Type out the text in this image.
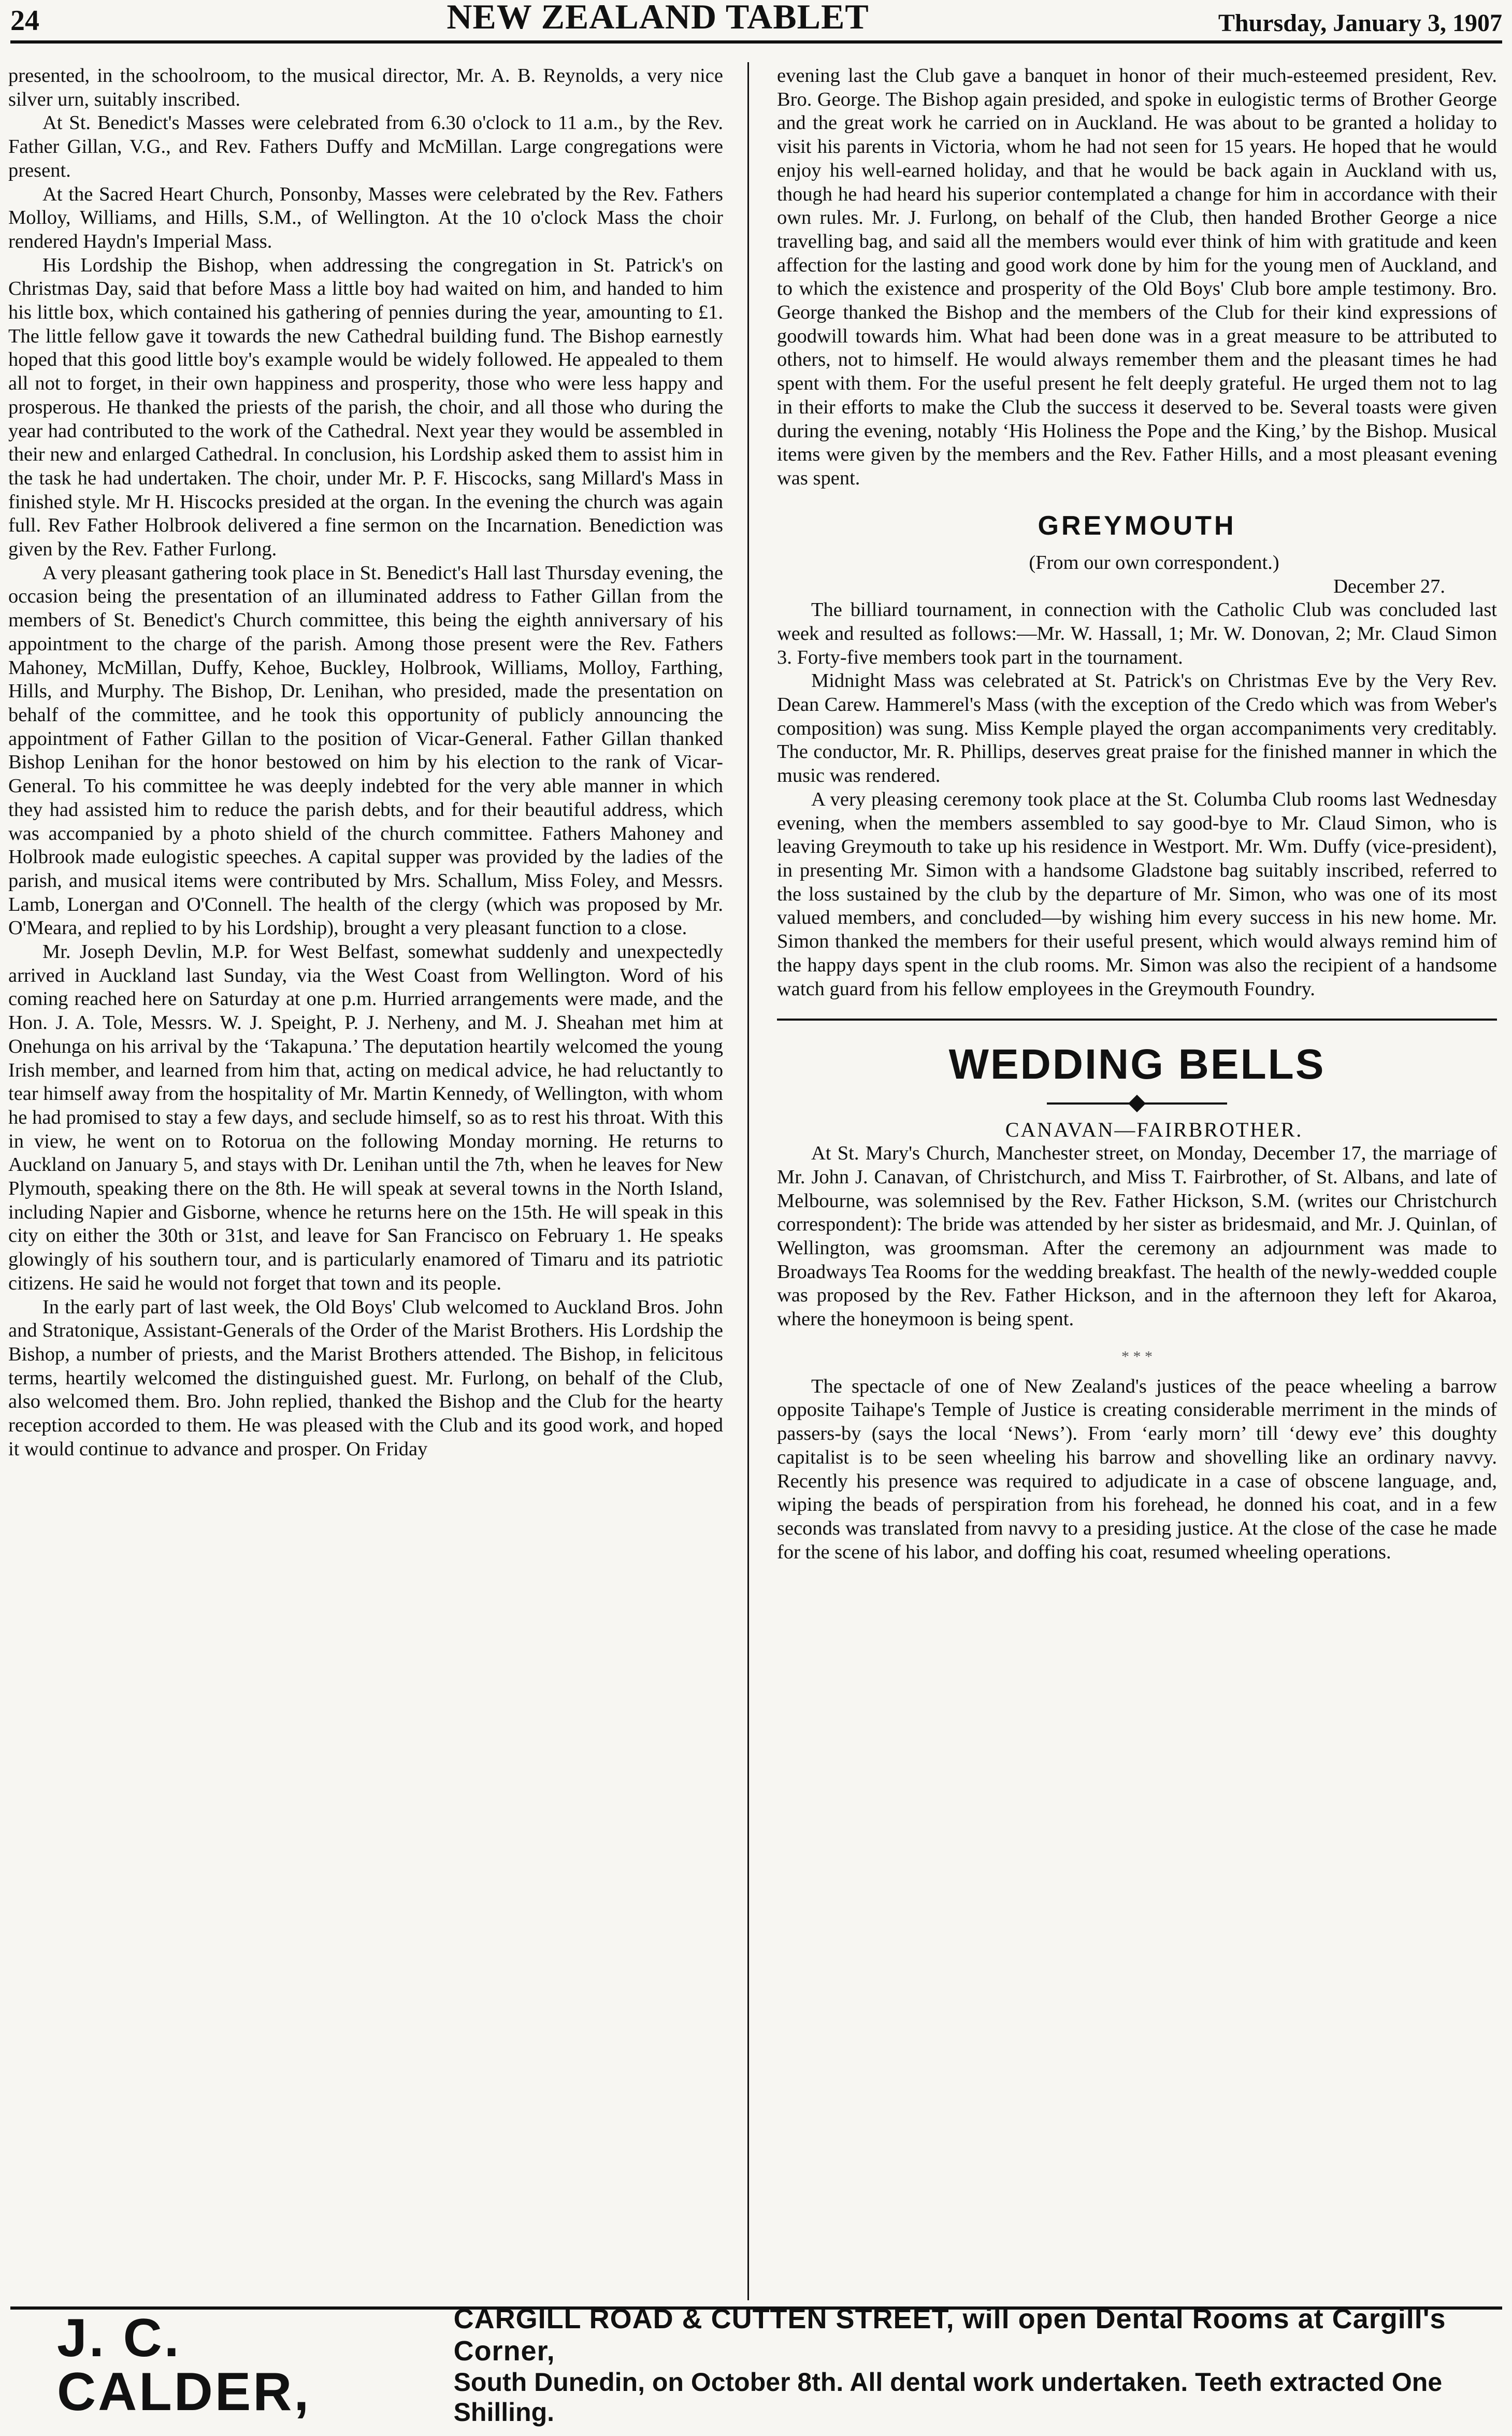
24	NEW ZEALAND TABLET	Thursday, January 3, 1907

presented, in the schoolroom, to the musical director, Mr. A. B. Reynolds, a very nice silver urn, suitably inscribed.

At St. Benedict's Masses were celebrated from 6.30 o'clock to 11 a.m., by the Rev. Father Gillan, V.G., and Rev. Fathers Duffy and McMillan. Large congregations were present.

At the Sacred Heart Church, Ponsonby, Masses were celebrated by the Rev. Fathers Molloy, Williams, and Hills, S.M., of Wellington. At the 10 o'clock Mass the choir rendered Haydn's Imperial Mass.

His Lordship the Bishop, when addressing the congregation in St. Patrick's on Christmas Day, said that before Mass a little boy had waited on him, and handed to him his little box, which contained his gathering of pennies during the year, amounting to £1. The little fellow gave it towards the new Cathedral building fund. The Bishop earnestly hoped that this good little boy's example would be widely followed. He appealed to them all not to forget, in their own happiness and prosperity, those who were less happy and prosperous. He thanked the priests of the parish, the choir, and all those who during the year had contributed to the work of the Cathedral. Next year they would be assembled in their new and enlarged Cathedral. In conclusion, his Lordship asked them to assist him in the task he had undertaken. The choir, under Mr. P. F. Hiscocks, sang Millard's Mass in finished style. Mr H. Hiscocks presided at the organ. In the evening the church was again full. Rev Father Holbrook delivered a fine sermon on the Incarnation. Benediction was given by the Rev. Father Furlong.

A very pleasant gathering took place in St. Benedict's Hall last Thursday evening, the occasion being the presentation of an illuminated address to Father Gillan from the members of St. Benedict's Church committee, this being the eighth anniversary of his appointment to the charge of the parish. Among those present were the Rev. Fathers Mahoney, McMillan, Duffy, Kehoe, Buckley, Holbrook, Williams, Molloy, Farthing, Hills, and Murphy. The Bishop, Dr. Lenihan, who presided, made the presentation on behalf of the committee, and he took this opportunity of publicly announcing the appointment of Father Gillan to the position of Vicar-General. Father Gillan thanked Bishop Lenihan for the honor bestowed on him by his election to the rank of Vicar-General. To his committee he was deeply indebted for the very able manner in which they had assisted him to reduce the parish debts, and for their beautiful address, which was accompanied by a photo shield of the church committee. Fathers Mahoney and Holbrook made eulogistic speeches. A capital supper was provided by the ladies of the parish, and musical items were contributed by Mrs. Schallum, Miss Foley, and Messrs. Lamb, Lonergan and O'Connell. The health of the clergy (which was proposed by Mr. O'Meara, and replied to by his Lordship), brought a very pleasant function to a close.

Mr. Joseph Devlin, M.P. for West Belfast, somewhat suddenly and unexpectedly arrived in Auckland last Sunday, via the West Coast from Wellington. Word of his coming reached here on Saturday at one p.m. Hurried arrangements were made, and the Hon. J. A. Tole, Messrs. W. J. Speight, P. J. Nerheny, and M. J. Sheahan met him at Onehunga on his arrival by the ‘Takapuna.’ The deputation heartily welcomed the young Irish member, and learned from him that, acting on medical advice, he had reluctantly to tear himself away from the hospitality of Mr. Martin Kennedy, of Wellington, with whom he had promised to stay a few days, and seclude himself, so as to rest his throat. With this in view, he went on to Rotorua on the following Monday morning. He returns to Auckland on January 5, and stays with Dr. Lenihan until the 7th, when he leaves for New Plymouth, speaking there on the 8th. He will speak at several towns in the North Island, including Napier and Gisborne, whence he returns here on the 15th. He will speak in this city on either the 30th or 31st, and leave for San Francisco on February 1. He speaks glowingly of his southern tour, and is particularly enamored of Timaru and its patriotic citizens. He said he would not forget that town and its people.

In the early part of last week, the Old Boys' Club welcomed to Auckland Bros. John and Stratonique, Assistant-Generals of the Order of the Marist Brothers. His Lordship the Bishop, a number of priests, and the Marist Brothers attended. The Bishop, in felicitous terms, heartily welcomed the distinguished guest. Mr. Furlong, on behalf of the Club, also welcomed them. Bro. John replied, thanked the Bishop and the Club for the hearty reception accorded to them. He was pleased with the Club and its good work, and hoped it would continue to advance and prosper. On Friday

evening last the Club gave a banquet in honor of their much-esteemed president, Rev. Bro. George. The Bishop again presided, and spoke in eulogistic terms of Brother George and the great work he carried on in Auckland. He was about to be granted a holiday to visit his parents in Victoria, whom he had not seen for 15 years. He hoped that he would enjoy his well-earned holiday, and that he would be back again in Auckland with us, though he had heard his superior contemplated a change for him in accordance with their own rules. Mr. J. Furlong, on behalf of the Club, then handed Brother George a nice travelling bag, and said all the members would ever think of him with gratitude and keen affection for the lasting and good work done by him for the young men of Auckland, and to which the existence and prosperity of the Old Boys' Club bore ample testimony. Bro. George thanked the Bishop and the members of the Club for their kind expressions of goodwill towards him. What had been done was in a great measure to be attributed to others, not to himself. He would always remember them and the pleasant times he had spent with them. For the useful present he felt deeply grateful. He urged them not to lag in their efforts to make the Club the success it deserved to be. Several toasts were given during the evening, notably ‘His Holiness the Pope and the King,’ by the Bishop. Musical items were given by the members and the Rev. Father Hills, and a most pleasant evening was spent.

GREYMOUTH

(From our own correspondent.)

December 27.

The billiard tournament, in connection with the Catholic Club was concluded last week and resulted as follows:—Mr. W. Hassall, 1; Mr. W. Donovan, 2; Mr. Claud Simon 3. Forty-five members took part in the tournament.

Midnight Mass was celebrated at St. Patrick's on Christmas Eve by the Very Rev. Dean Carew. Hammerel's Mass (with the exception of the Credo which was from Weber's composition) was sung. Miss Kemple played the organ accompaniments very creditably. The conductor, Mr. R. Phillips, deserves great praise for the finished manner in which the music was rendered.

A very pleasing ceremony took place at the St. Columba Club rooms last Wednesday evening, when the members assembled to say good-bye to Mr. Claud Simon, who is leaving Greymouth to take up his residence in Westport. Mr. Wm. Duffy (vice-president), in presenting Mr. Simon with a handsome Gladstone bag suitably inscribed, referred to the loss sustained by the club by the departure of Mr. Simon, who was one of its most valued members, and concluded—by wishing him every success in his new home. Mr. Simon thanked the members for their useful present, which would always remind him of the happy days spent in the club rooms. Mr. Simon was also the recipient of a handsome watch guard from his fellow employees in the Greymouth Foundry.

WEDDING BELLS

CANAVAN—FAIRBROTHER.

At St. Mary's Church, Manchester street, on Monday, December 17, the marriage of Mr. John J. Canavan, of Christchurch, and Miss T. Fairbrother, of St. Albans, and late of Melbourne, was solemnised by the Rev. Father Hickson, S.M. (writes our Christchurch correspondent): The bride was attended by her sister as bridesmaid, and Mr. J. Quinlan, of Wellington, was groomsman. After the ceremony an adjournment was made to Broadways Tea Rooms for the wedding breakfast. The health of the newly-wedded couple was proposed by the Rev. Father Hickson, and in the afternoon they left for Akaroa, where the honeymoon is being spent.

* * *

The spectacle of one of New Zealand's justices of the peace wheeling a barrow opposite Taihape's Temple of Justice is creating considerable merriment in the minds of passers-by (says the local ‘News’). From ‘early morn’ till ‘dewy eve’ this doughty capitalist is to be seen wheeling his barrow and shovelling like an ordinary navvy. Recently his presence was required to adjudicate in a case of obscene language, and, wiping the beads of perspiration from his forehead, he donned his coat, and in a few seconds was translated from navvy to a presiding justice. At the close of the case he made for the scene of his labor, and doffing his coat, resumed wheeling operations.

J. C. CALDER,
CARGILL ROAD & CUTTEN STREET, will open Dental Rooms at Cargill's Corner,
South Dunedin, on October 8th. All dental work undertaken. Teeth extracted One Shilling.
